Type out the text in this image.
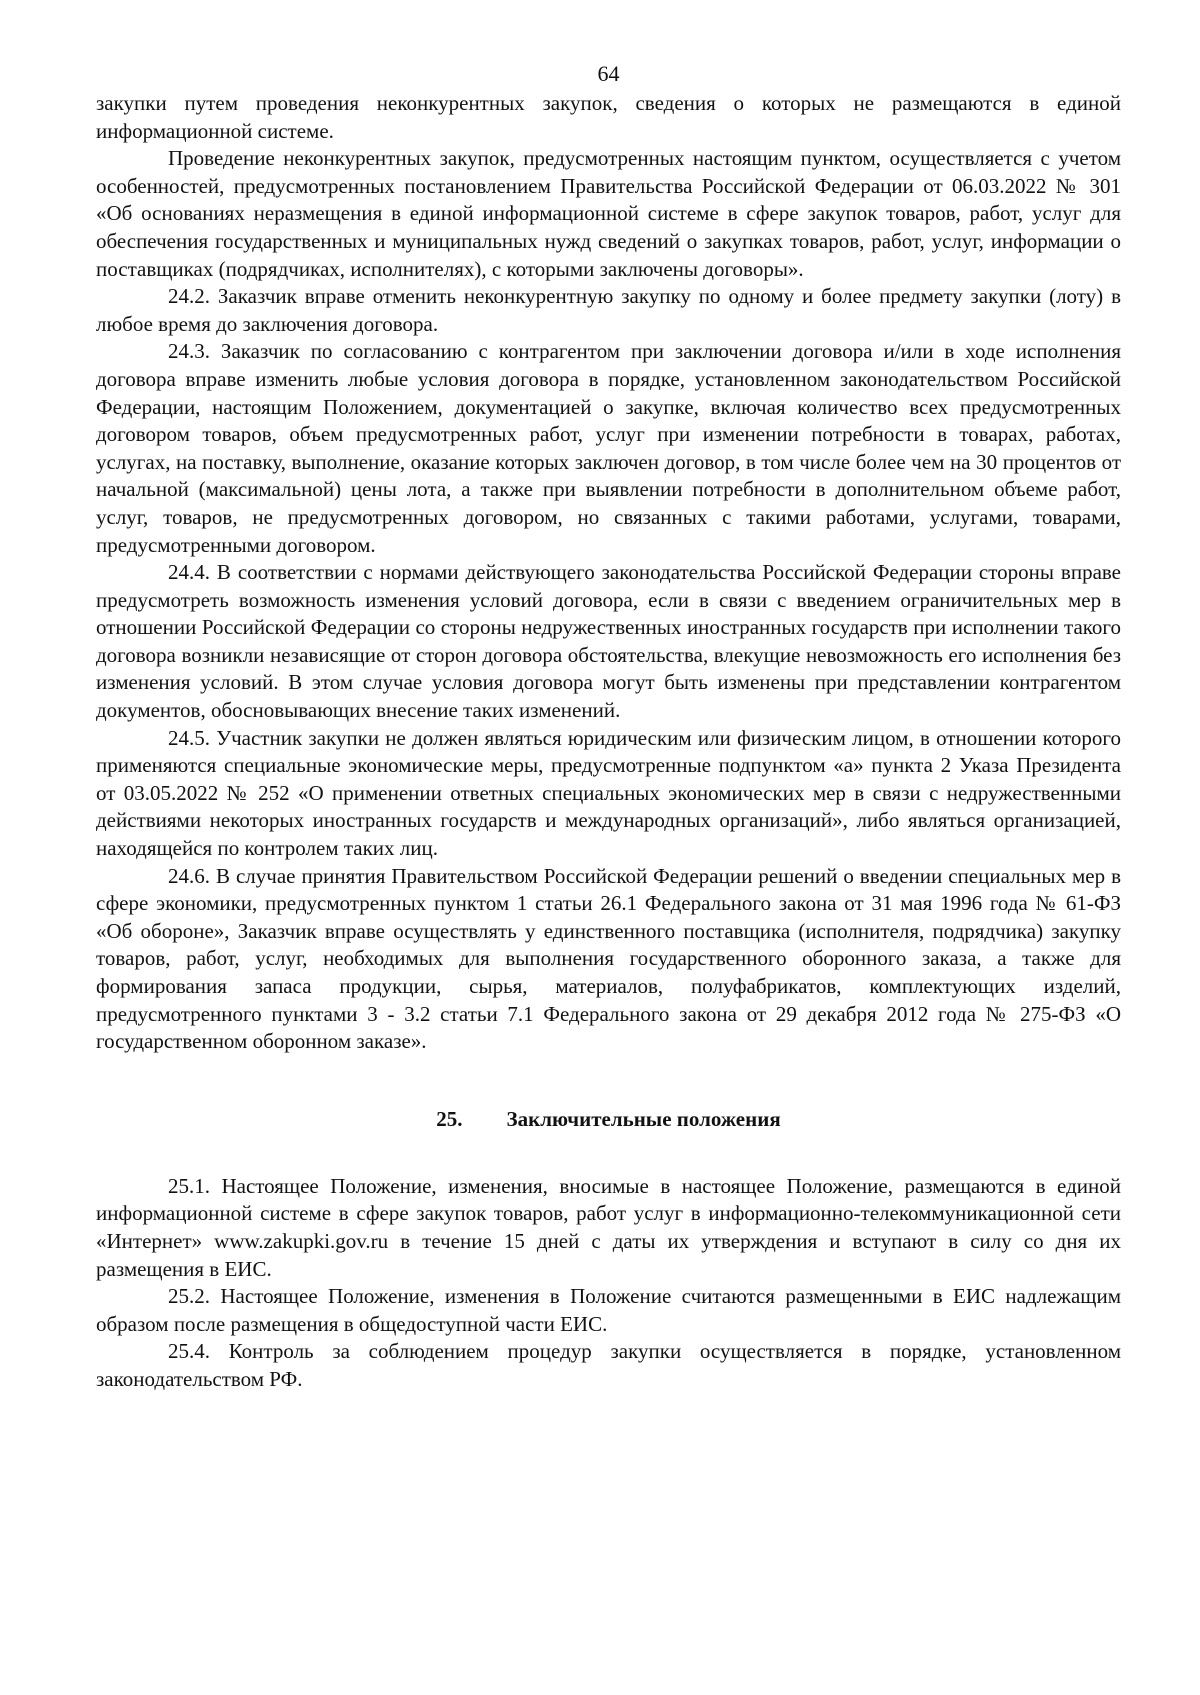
64

закупки путем проведения неконкурентных закупок, сведения о которых не размещаются в единой информационной системе.

Проведение неконкурентных закупок, предусмотренных настоящим пунктом, осуществляется с учетом особенностей, предусмотренных постановлением Правительства Российской Федерации от 06.03.2022 № 301 «Об основаниях неразмещения в единой информационной системе в сфере закупок товаров, работ, услуг для обеспечения государственных и муниципальных нужд сведений о закупках товаров, работ, услуг, информации о поставщиках (подрядчиках, исполнителях), с которыми заключены договоры».

24.2. Заказчик вправе отменить неконкурентную закупку по одному и более предмету закупки (лоту) в любое время до заключения договора.

24.3. Заказчик по согласованию с контрагентом при заключении договора и/или в ходе исполнения договора вправе изменить любые условия договора в порядке, установленном законодательством Российской Федерации, настоящим Положением, документацией о закупке, включая количество всех предусмотренных договором товаров, объем предусмотренных работ, услуг при изменении потребности в товарах, работах, услугах, на поставку, выполнение, оказание которых заключен договор, в том числе более чем на 30 процентов от начальной (максимальной) цены лота, а также при выявлении потребности в дополнительном объеме работ, услуг, товаров, не предусмотренных договором, но связанных с такими работами, услугами, товарами, предусмотренными договором.

24.4. В соответствии с нормами действующего законодательства Российской Федерации стороны вправе предусмотреть возможность изменения условий договора, если в связи с введением ограничительных мер в отношении Российской Федерации со стороны недружественных иностранных государств при исполнении такого договора возникли независящие от сторон договора обстоятельства, влекущие невозможность его исполнения без изменения условий. В этом случае условия договора могут быть изменены при представлении контрагентом документов, обосновывающих внесение таких изменений.

24.5. Участник закупки не должен являться юридическим или физическим лицом, в отношении которого применяются специальные экономические меры, предусмотренные подпунктом «а» пункта 2 Указа Президента от 03.05.2022 № 252 «О применении ответных специальных экономических мер в связи с недружественными действиями некоторых иностранных государств и международных организаций», либо являться организацией, находящейся по контролем таких лиц.

24.6. В случае принятия Правительством Российской Федерации решений о введении специальных мер в сфере экономики, предусмотренных пунктом 1 статьи 26.1 Федерального закона от 31 мая 1996 года № 61-ФЗ «Об обороне», Заказчик вправе осуществлять у единственного поставщика (исполнителя, подрядчика) закупку товаров, работ, услуг, необходимых для выполнения государственного оборонного заказа, а также для формирования запаса продукции, сырья, материалов, полуфабрикатов, комплектующих изделий, предусмотренного пунктами 3 - 3.2 статьи 7.1 Федерального закона от 29 декабря 2012 года № 275-ФЗ «О государственном оборонном заказе».

25. Заключительные положения

25.1. Настоящее Положение, изменения, вносимые в настоящее Положение, размещаются в единой информационной системе в сфере закупок товаров, работ услуг в информационно-телекоммуникационной сети «Интернет» www.zakupki.gov.ru в течение 15 дней с даты их утверждения и вступают в силу со дня их размещения в ЕИС.

25.2. Настоящее Положение, изменения в Положение считаются размещенными в ЕИС надлежащим образом после размещения в общедоступной части ЕИС.

25.4. Контроль за соблюдением процедур закупки осуществляется в порядке, установленном законодательством РФ.
